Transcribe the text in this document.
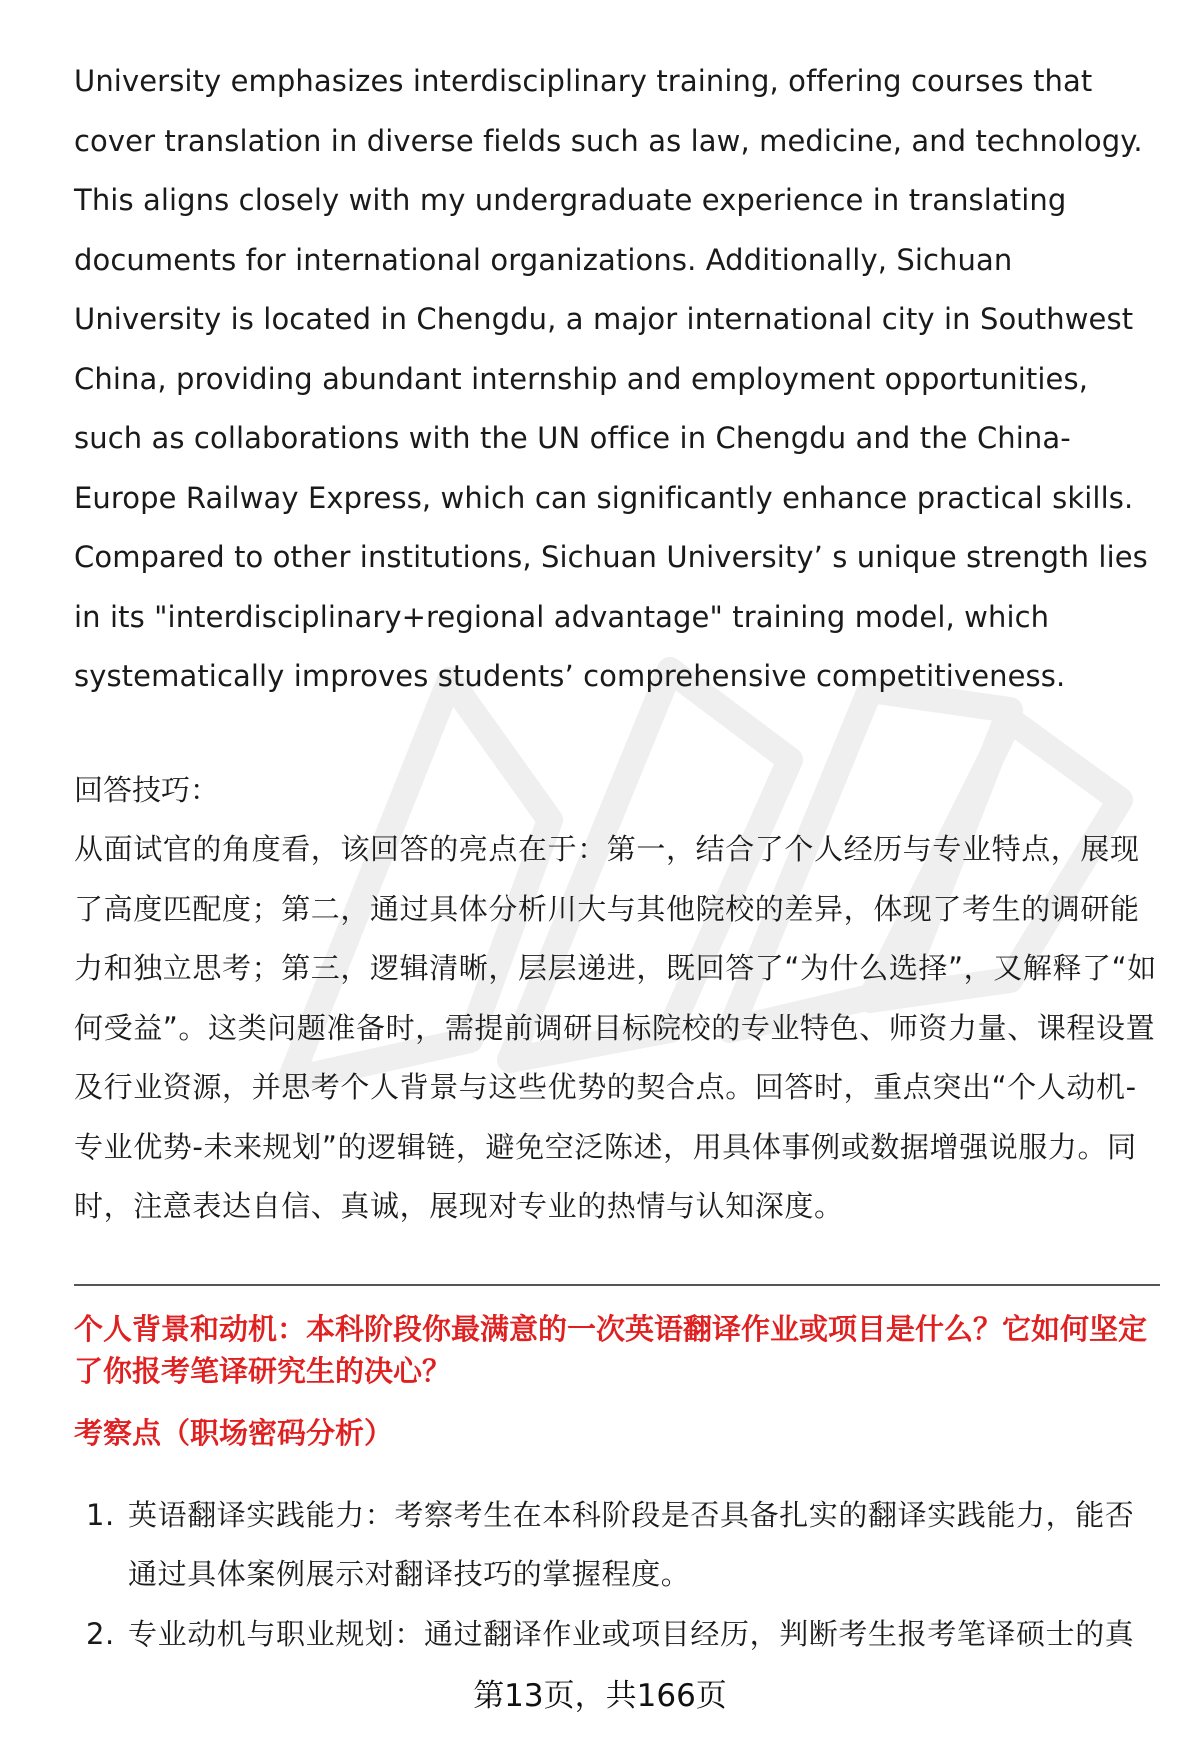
University emphasizes interdisciplinary training, offering courses that cover translation in diverse fields such as law, medicine, and technology. This aligns closely with my undergraduate experience in translating documents for international organizations. Additionally, Sichuan University is located in Chengdu, a major international city in Southwest China, providing abundant internship and employment opportunities, such as collaborations with the UN office in Chengdu and the China-Europe Railway Express, which can significantly enhance practical skills. Compared to other institutions, Sichuan University’ s unique strength lies in its "interdisciplinary+regional advantage" training model, which systematically improves students’ comprehensive competitiveness.

回答技巧：

从面试官的角度看，该回答的亮点在于：第一，结合了个人经历与专业特点，展现了高度匹配度；第二，通过具体分析川大与其他院校的差异，体现了考生的调研能力和独立思考；第三，逻辑清晰，层层递进，既回答了“为什么选择”，又解释了“如何受益”。这类问题准备时，需提前调研目标院校的专业特色、师资力量、课程设置及行业资源，并思考个人背景与这些优势的契合点。回答时，重点突出“个人动机-专业优势-未来规划”的逻辑链，避免空泛陈述，用具体事例或数据增强说服力。同时，注意表达自信、真诚，展现对专业的热情与认知深度。

个人背景和动机：本科阶段你最满意的一次英语翻译作业或项目是什么？它如何坚定了你报考笔译研究生的决心？

考察点（职场密码分析）

1. 英语翻译实践能力：考察考生在本科阶段是否具备扎实的翻译实践能力，能否通过具体案例展示对翻译技巧的掌握程度。
2. 专业动机与职业规划：通过翻译作业或项目经历，判断考生报考笔译硕士的真
第13页，共166页
